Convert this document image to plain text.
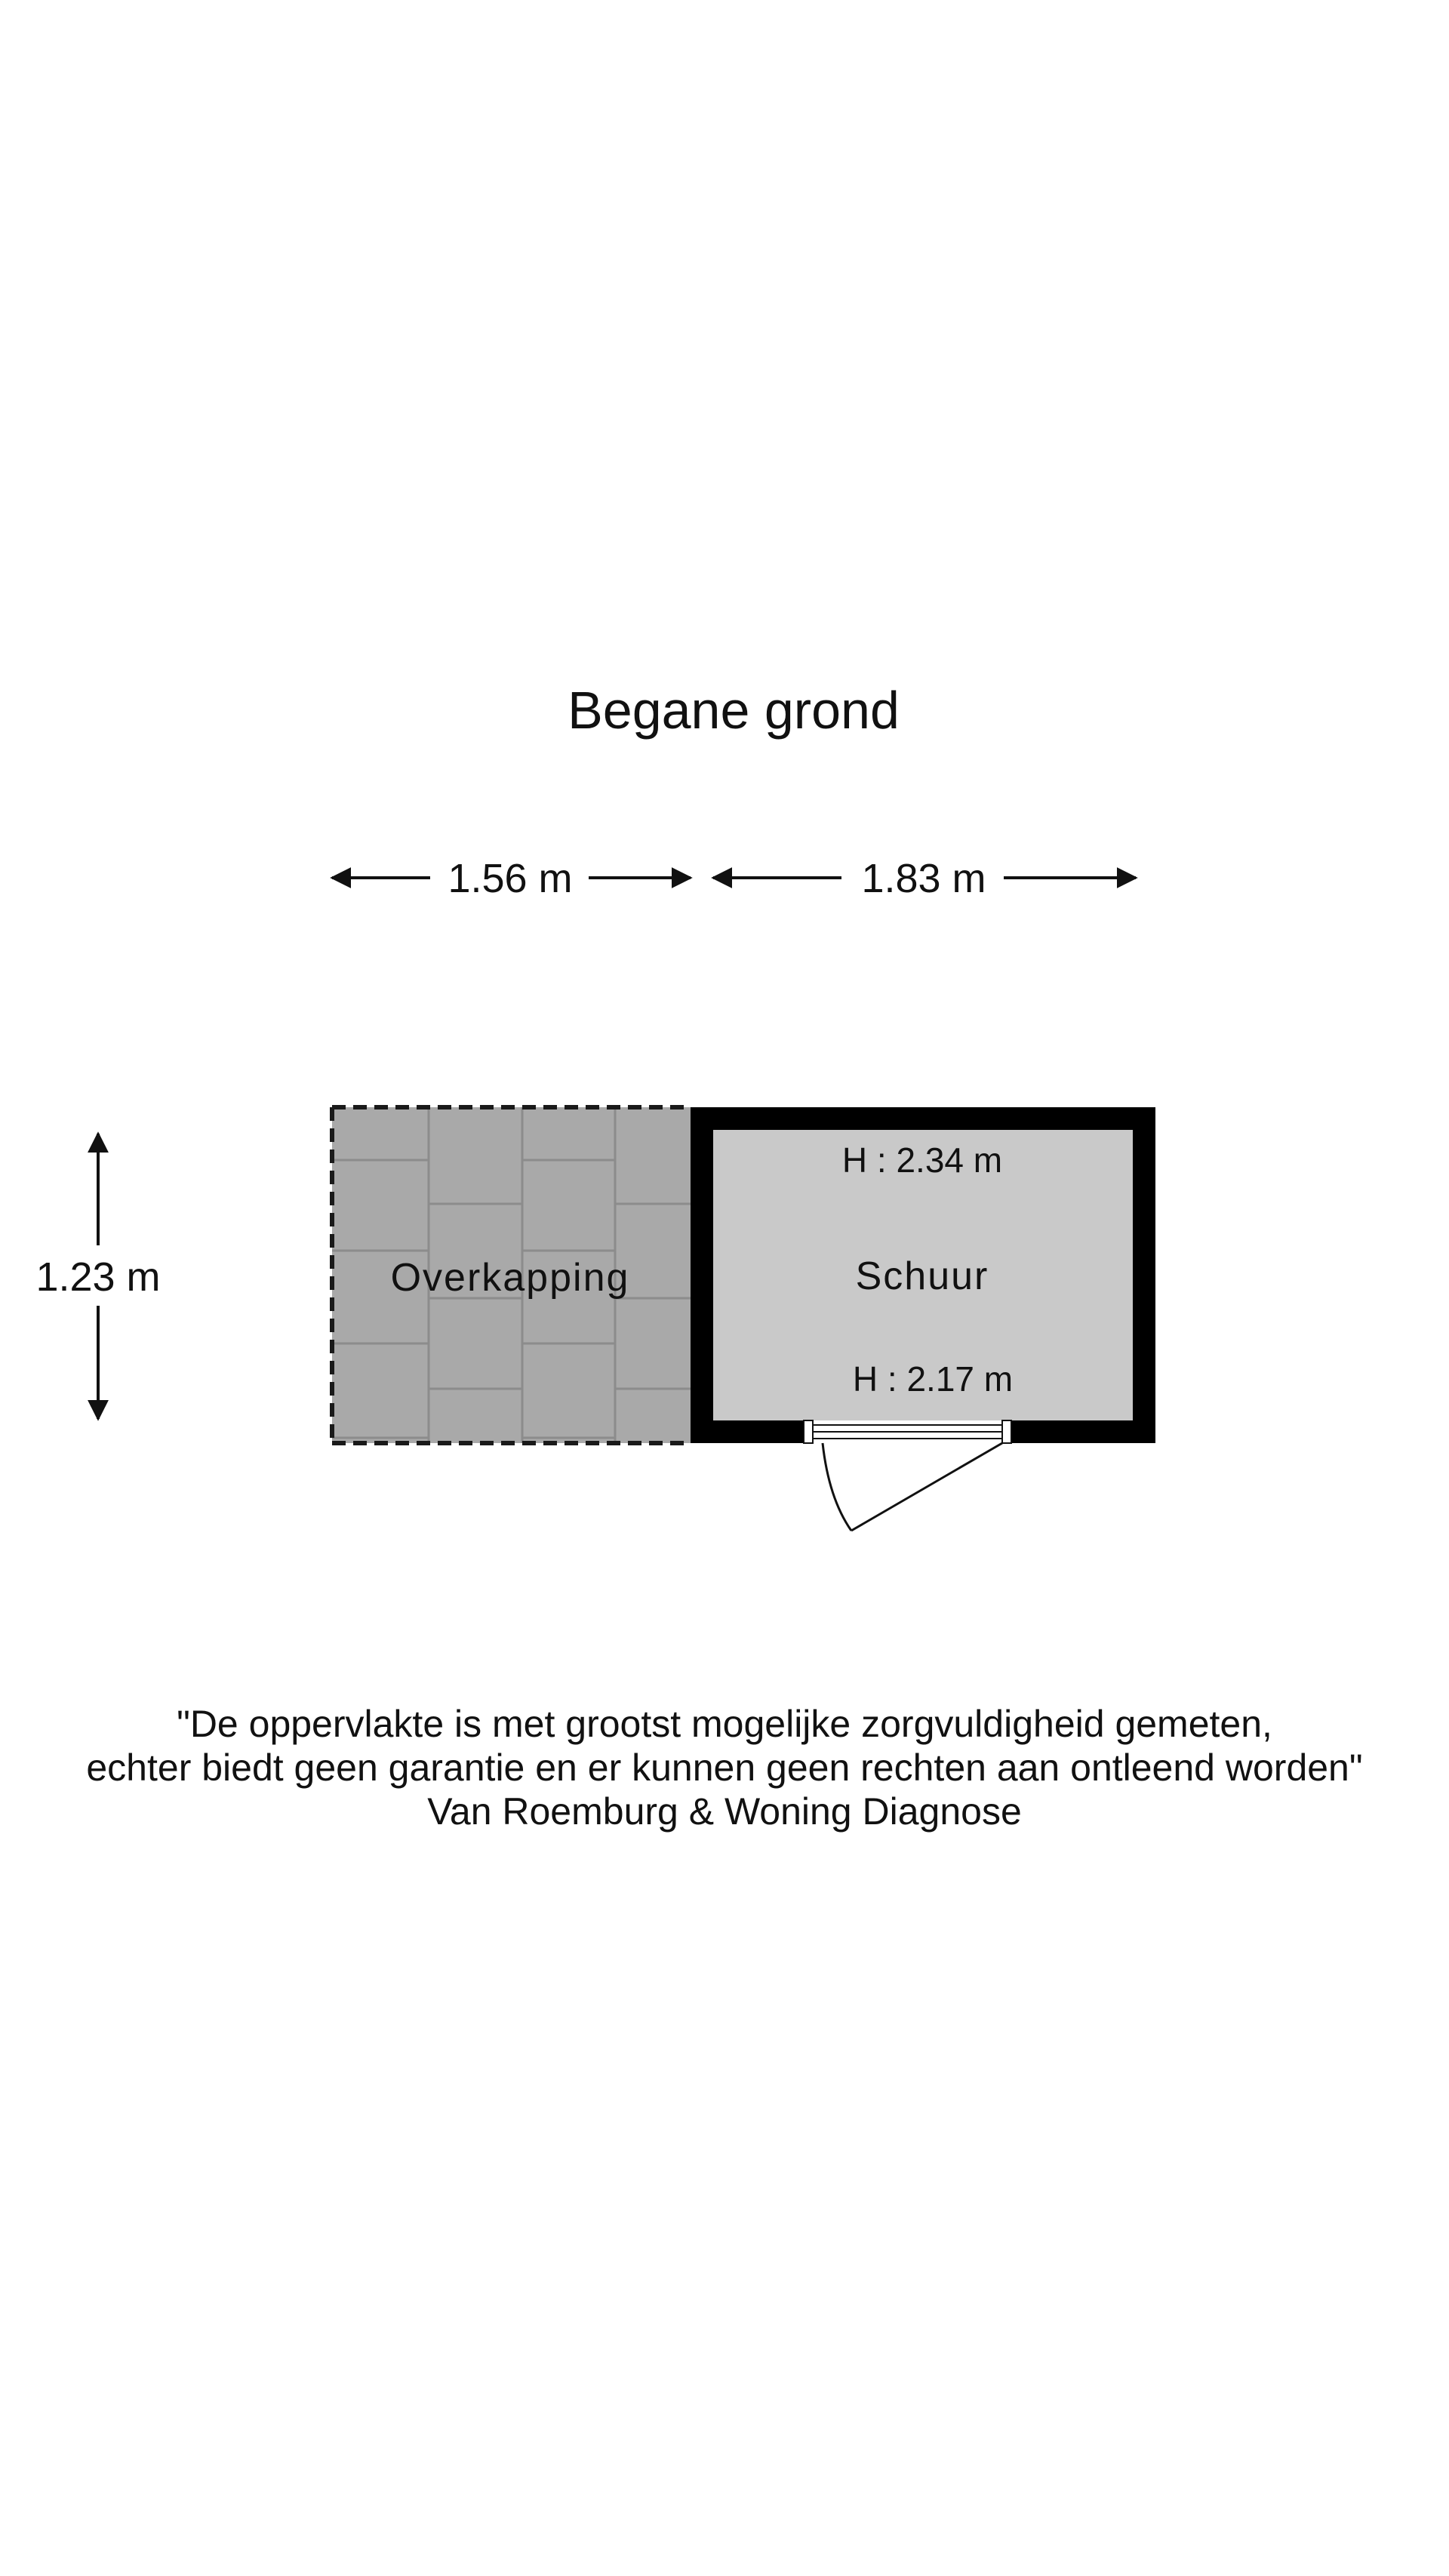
Begane grond
1.56 m	1.83 m
1.23 m	Overkapping
H : 2.34 m
Schuur
H : 2.17 m
"De oppervlakte is met grootst mogelijke zorgvuldigheid gemeten,
echter biedt geen garantie en er kunnen geen rechten aan ontleend worden"
Van Roemburg & Woning Diagnose
